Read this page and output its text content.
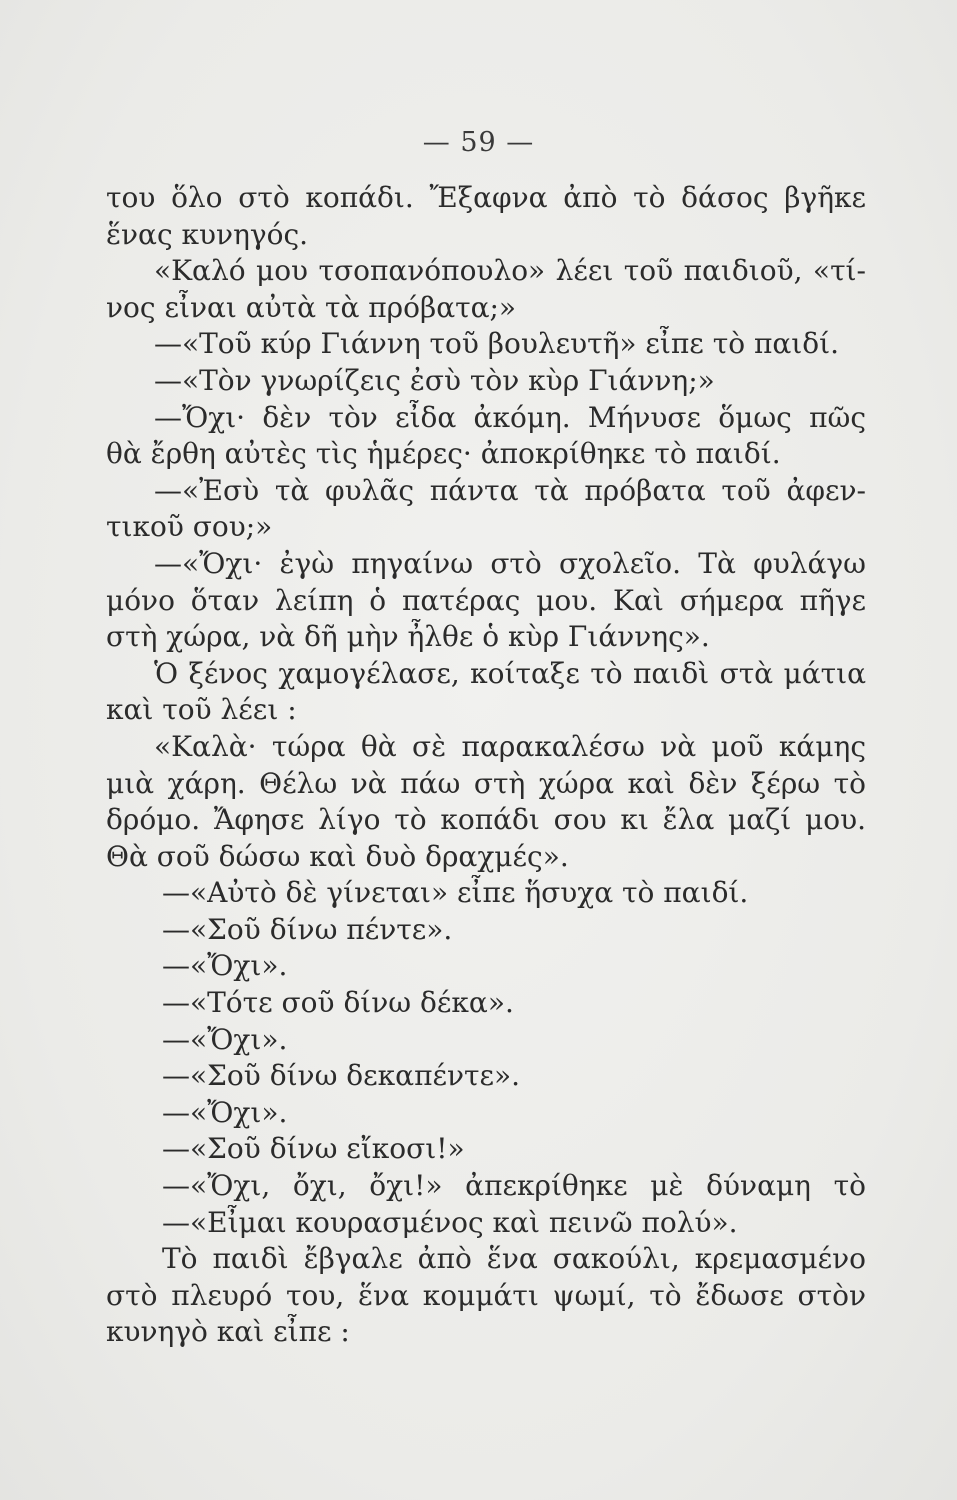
— 59 —
του ὅλο στὸ κοπάδι. Ἔξαφνα ἀπὸ τὸ δάσος βγῆκε
ἕνας κυνηγός.
«Καλό μου τσοπανόπουλο» λέει τοῦ παιδιοῦ, «τί-
νος εἶναι αὐτὰ τὰ πρόβατα;»
—«Τοῦ κύρ Γιάννη τοῦ βουλευτῆ» εἶπε τὸ παιδί.
—«Τὸν γνωρίζεις ἐσὺ τὸν κὺρ Γιάννη;»
—Ὄχι· δὲν τὸν εἶδα ἀκόμη. Μήνυσε ὅμως πῶς
θὰ ἔρθη αὐτὲς τὶς ἡμέρες· ἀποκρίθηκε τὸ παιδί.
—«Ἐσὺ τὰ φυλᾶς πάντα τὰ πρόβατα τοῦ ἀφεν-
τικοῦ σου;»
—«Ὄχι· ἐγὼ πηγαίνω στὸ σχολεῖο. Τὰ φυλάγω
μόνο ὅταν λείπη ὁ πατέρας μου. Καὶ σήμερα πῆγε
στὴ χώρα, νὰ δῆ μὴν ἦλθε ὁ κὺρ Γιάννης».
Ὁ ξένος χαμογέλασε, κοίταξε τὸ παιδὶ στὰ μάτια
καὶ τοῦ λέει :
«Καλὰ· τώρα θὰ σὲ παρακαλέσω νὰ μοῦ κάμης
μιὰ χάρη. Θέλω νὰ πάω στὴ χώρα καὶ δὲν ξέρω τὸ
δρόμο. Ἄφησε λίγο τὸ κοπάδι σου κι ἔλα μαζί μου.
Θὰ σοῦ δώσω καὶ δυὸ δραχμές».
—«Αὐτὸ δὲ γίνεται» εἶπε ἥσυχα τὸ παιδί.
—«Σοῦ δίνω πέντε».
—«Ὄχι».
—«Τότε σοῦ δίνω δέκα».
—«Ὄχι».
—«Σοῦ δίνω δεκαπέντε».
—«Ὄχι».
—«Σοῦ δίνω εἴκοσι!»
—«Ὄχι, ὄχι, ὄχι!» ἀπεκρίθηκε μὲ δύναμη τὸ
—«Εἶμαι κουρασμένος καὶ πεινῶ πολύ».
Τὸ παιδὶ ἔβγαλε ἀπὸ ἕνα σακούλι, κρεμασμένο
στὸ πλευρό του, ἕνα κομμάτι ψωμί, τὸ ἔδωσε στὸν
κυνηγὸ καὶ εἶπε :
